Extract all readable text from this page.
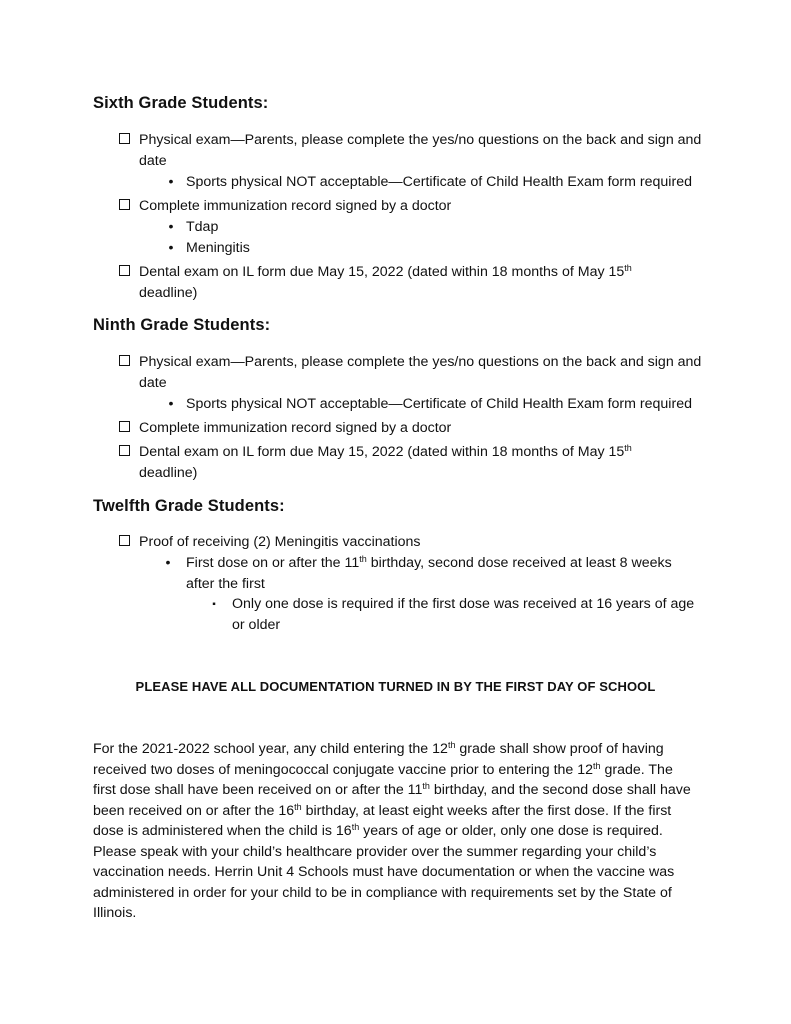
Sixth Grade Students:
Physical exam—Parents, please complete the yes/no questions on the back and sign and
date
• Sports physical NOT acceptable—Certificate of Child Health Exam form required
Complete immunization record signed by a doctor
• Tdap
• Meningitis
Dental exam on IL form due May 15, 2022 (dated within 18 months of May 15th
deadline)
Ninth Grade Students:
Physical exam—Parents, please complete the yes/no questions on the back and sign and
date
• Sports physical NOT acceptable—Certificate of Child Health Exam form required
Complete immunization record signed by a doctor
Dental exam on IL form due May 15, 2022 (dated within 18 months of May 15th
deadline)
Twelfth Grade Students:
Proof of receiving (2) Meningitis vaccinations
• First dose on or after the 11th birthday, second dose received at least 8 weeks
after the first
▪ Only one dose is required if the first dose was received at 16 years of age
or older
PLEASE HAVE ALL DOCUMENTATION TURNED IN BY THE FIRST DAY OF SCHOOL
For the 2021-2022 school year, any child entering the 12th grade shall show proof of having
received two doses of meningococcal conjugate vaccine prior to entering the 12th grade. The
first dose shall have been received on or after the 11th birthday, and the second dose shall have
been received on or after the 16th birthday, at least eight weeks after the first dose. If the first
dose is administered when the child is 16th years of age or older, only one dose is required.
Please speak with your child’s healthcare provider over the summer regarding your child’s
vaccination needs. Herrin Unit 4 Schools must have documentation or when the vaccine was
administered in order for your child to be in compliance with requirements set by the State of
Illinois.
